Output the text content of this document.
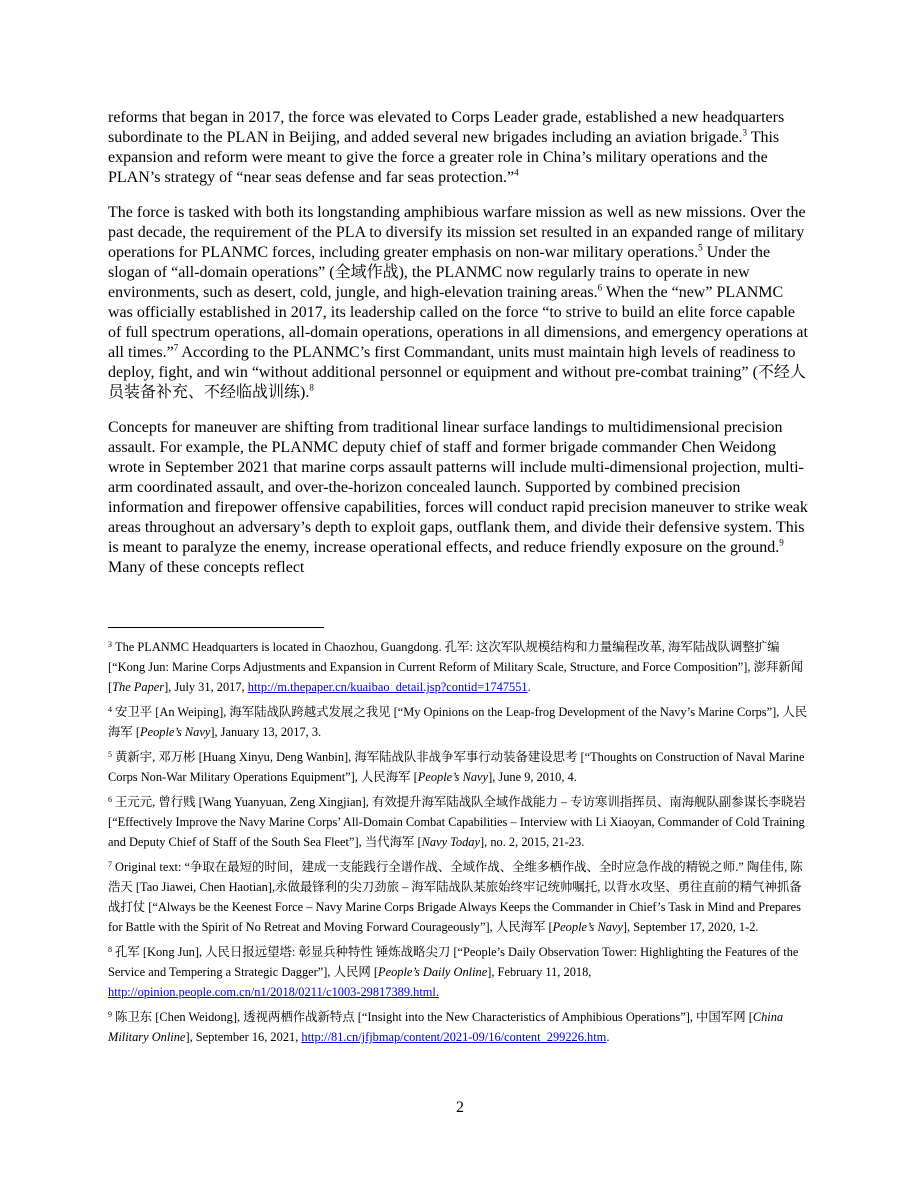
reforms that began in 2017, the force was elevated to Corps Leader grade, established a new headquarters subordinate to the PLAN in Beijing, and added several new brigades including an aviation brigade.$^3$ This expansion and reform were meant to give the force a greater role in China’s military operations and the PLAN’s strategy of “near seas defense and far seas protection.”$^4$

The force is tasked with both its longstanding amphibious warfare mission as well as new missions. Over the past decade, the requirement of the PLA to diversify its mission set resulted in an expanded range of military operations for PLANMC forces, including greater emphasis on non-war military operations.$^5$ Under the slogan of “all-domain operations” (全域作战), the PLANMC now regularly trains to operate in new environments, such as desert, cold, jungle, and high-elevation training areas.$^6$ When the “new” PLANMC was officially established in 2017, its leadership called on the force “to strive to build an elite force capable of full spectrum operations, all-domain operations, operations in all dimensions, and emergency operations at all times.”$^7$ According to the PLANMC’s first Commandant, units must maintain high levels of readiness to deploy, fight, and win “without additional personnel or equipment and without pre-combat training” (不经人员装备补充、不经临战训练).$^8$

Concepts for maneuver are shifting from traditional linear surface landings to multidimensional precision assault. For example, the PLANMC deputy chief of staff and former brigade commander Chen Weidong wrote in September 2021 that marine corps assault patterns will include multi-dimensional projection, multi-arm coordinated assault, and over-the-horizon concealed launch. Supported by combined precision information and firepower offensive capabilities, forces will conduct rapid precision maneuver to strike weak areas throughout an adversary’s depth to exploit gaps, outflank them, and divide their defensive system. This is meant to paralyze the enemy, increase operational effects, and reduce friendly exposure on the ground.$^9$ Many of these concepts reflect

$^3$ The PLANMC Headquarters is located in Chaozhou, Guangdong. 孔军: 这次军队规模结构和力量编程改革, 海军陆战队调整扩编 [“Kong Jun: Marine Corps Adjustments and Expansion in Current Reform of Military Scale, Structure, and Force Composition”], 澎拜新闻 [The Paper], July 31, 2017, http://m.thepaper.cn/kuaibao_detail.jsp?contid=1747551.

$^4$ 安卫平 [An Weiping], 海军陆战队跨越式发展之我见 [“My Opinions on the Leap-frog Development of the Navy’s Marine Corps”], 人民海军 [People’s Navy], January 13, 2017, 3.

$^5$ 黄新宇, 邓万彬 [Huang Xinyu, Deng Wanbin], 海军陆战队非战争军事行动装备建设思考 [“Thoughts on Construction of Naval Marine Corps Non-War Military Operations Equipment”], 人民海军 [People’s Navy], June 9, 2010, 4.

$^6$ 王元元, 曾行贱 [Wang Yuanyuan, Zeng Xingjian], 有效提升海军陆战队全域作战能力 – 专访寒训指挥员、南海舰队副参谋长李晓岩 [“Effectively Improve the Navy Marine Corps’ All-Domain Combat Capabilities – Interview with Li Xiaoyan, Commander of Cold Training and Deputy Chief of Staff of the South Sea Fleet”], 当代海军 [Navy Today], no. 2, 2015, 21-23.

$^7$ Original text: “争取在最短的时间，建成一支能践行全谱作战、全域作战、全维多栖作战、全时应急作战的精锐之师.” 陶佳伟, 陈浩天 [Tao Jiawei, Chen Haotian],永做最锋利的尖刀劲旅 – 海军陆战队某旅始终牢记统帅嘱托, 以背水攻坚、勇往直前的精气神抓备战打仗 [“Always be the Keenest Force – Navy Marine Corps Brigade Always Keeps the Commander in Chief’s Task in Mind and Prepares for Battle with the Spirit of No Retreat and Moving Forward Courageously”], 人民海军 [People’s Navy], September 17, 2020, 1-2.

$^8$ 孔军 [Kong Jun], 人民日报远望塔: 彰显兵种特性 锤炼战略尖刀 [“People’s Daily Observation Tower: Highlighting the Features of the Service and Tempering a Strategic Dagger”], 人民网 [People’s Daily Online], February 11, 2018, http://opinion.people.com.cn/n1/2018/0211/c1003-29817389.html.

$^9$ 陈卫东 [Chen Weidong], 透视两栖作战新特点 [“Insight into the New Characteristics of Amphibious Operations”], 中国军网 [China Military Online], September 16, 2021, http://81.cn/jfjbmap/content/2021-09/16/content_299226.htm.

2
